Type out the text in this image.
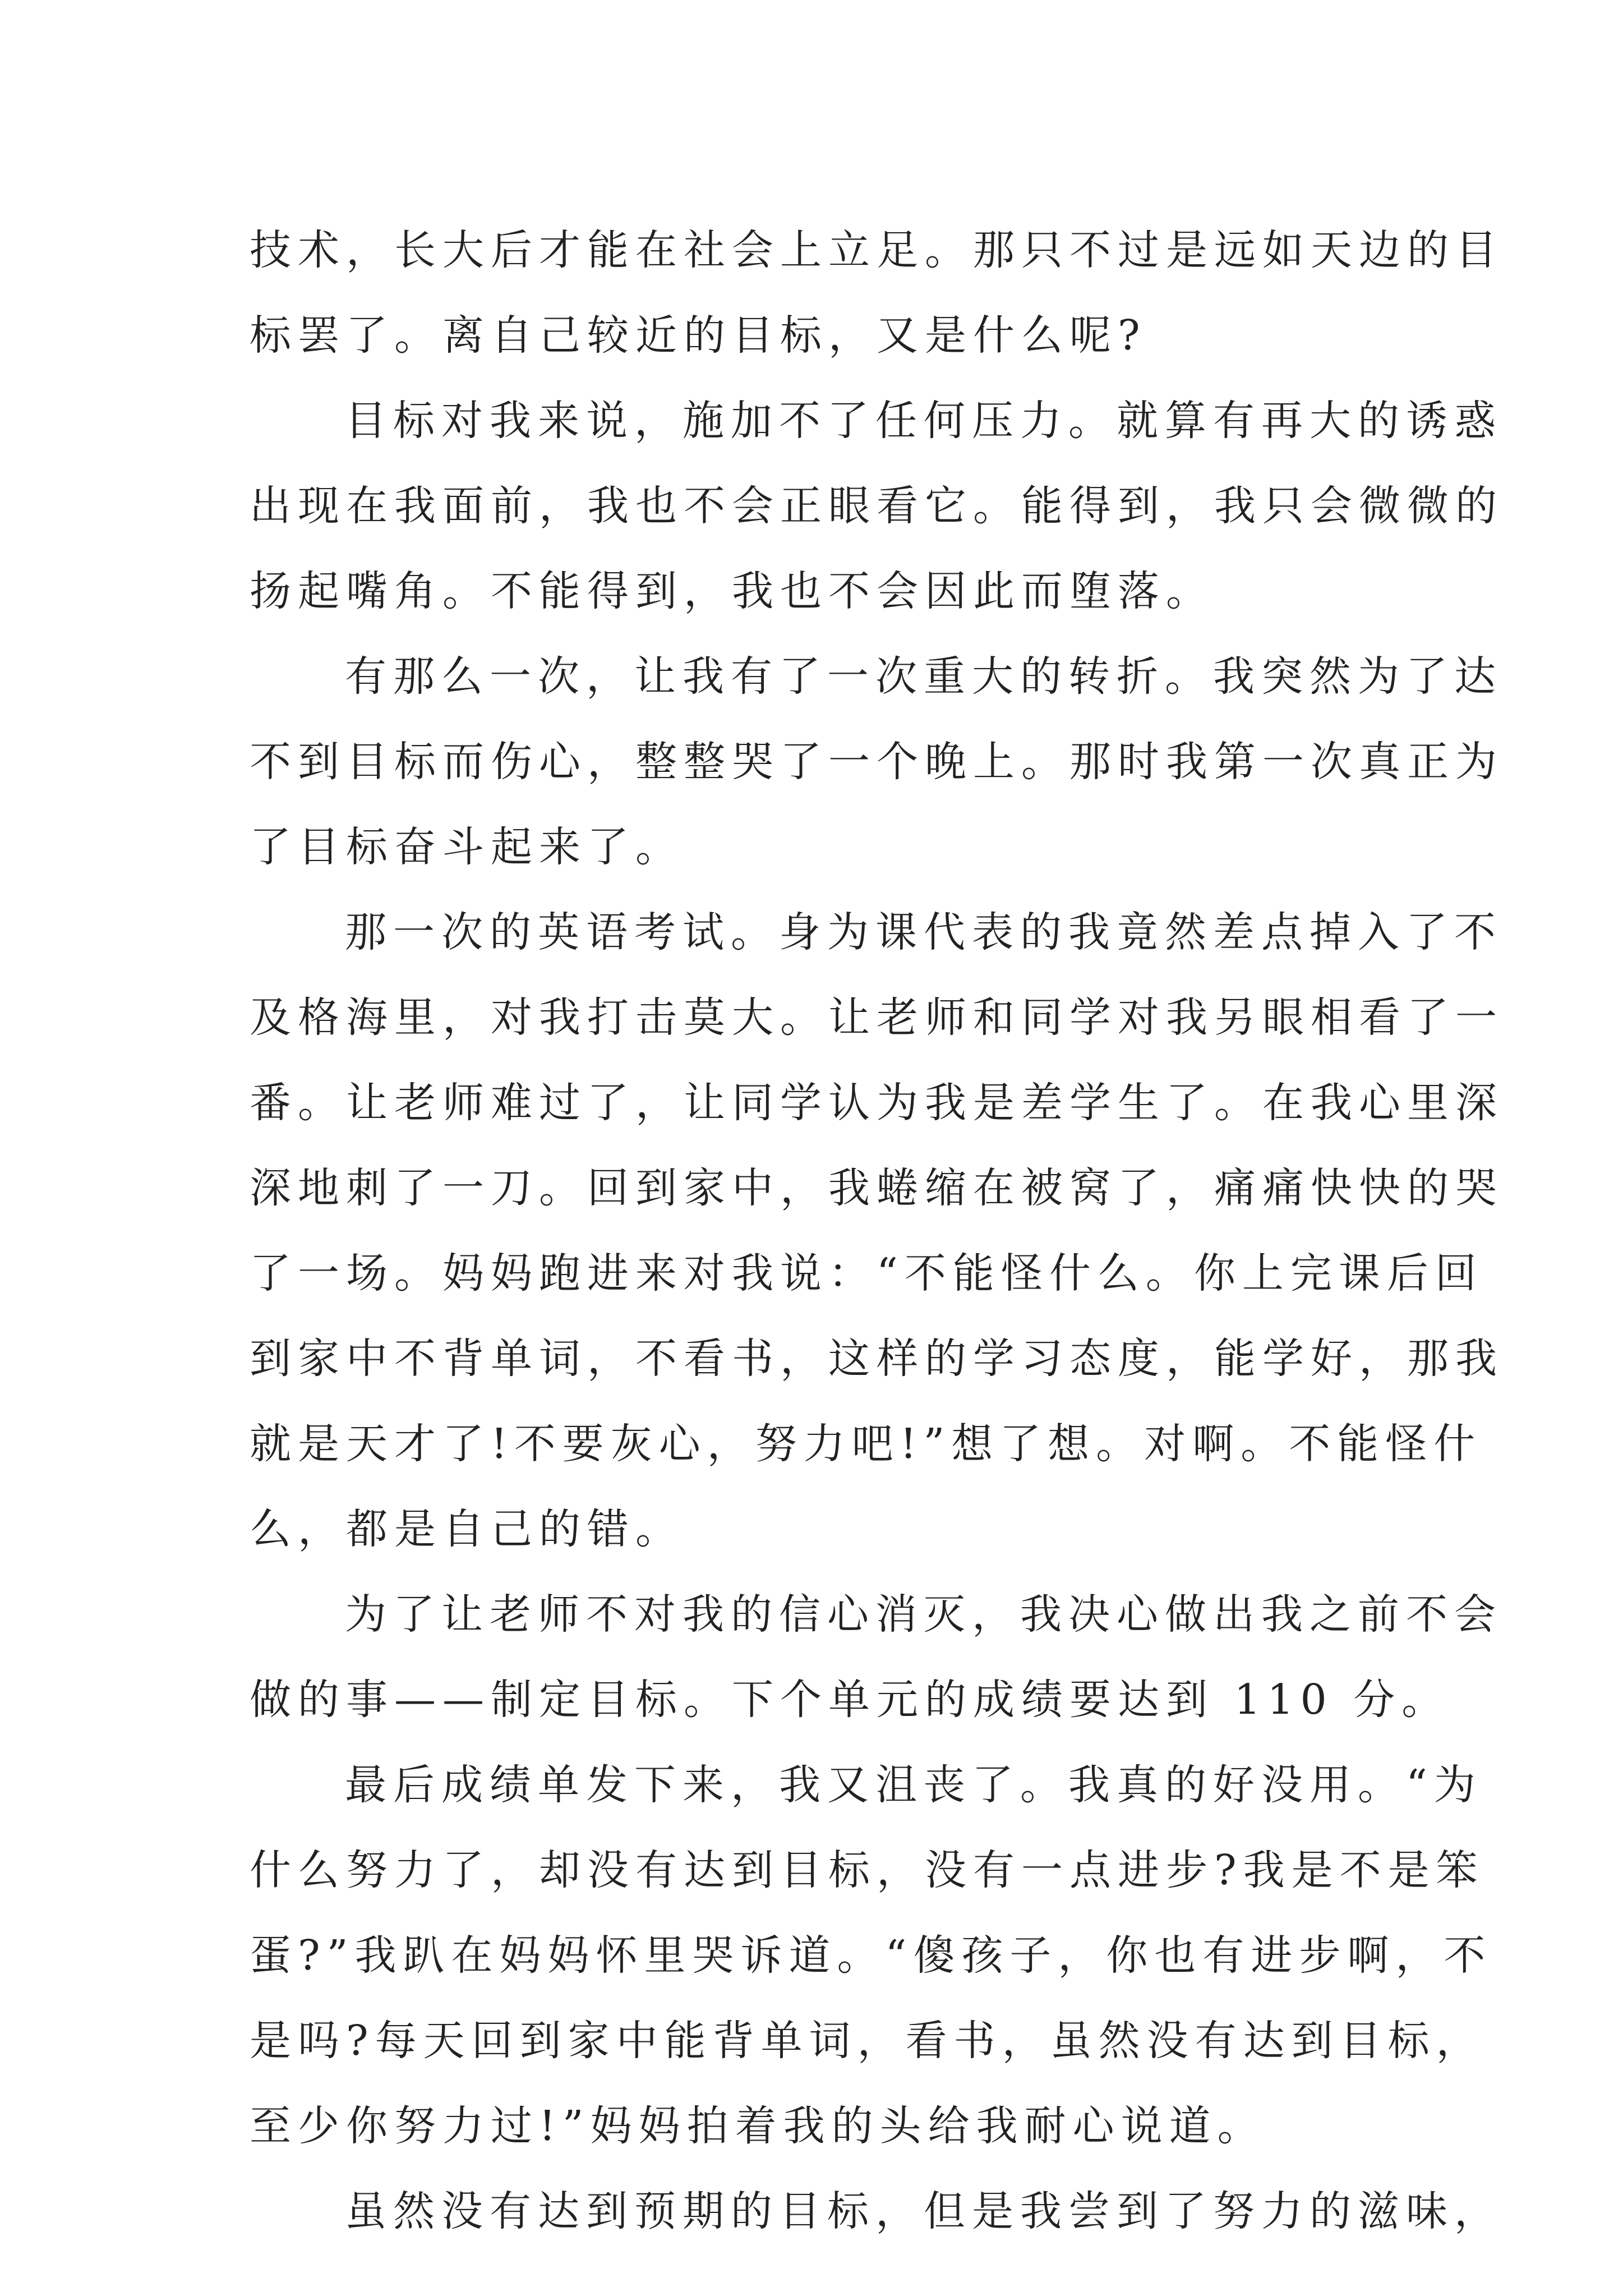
技术，长大后才能在社会上立足。那只不过是远如天边的目
标罢了。离自己较近的目标，又是什么呢?
目标对我来说，施加不了任何压力。就算有再大的诱惑
出现在我面前，我也不会正眼看它。能得到，我只会微微的
扬起嘴角。不能得到，我也不会因此而堕落。
有那么一次，让我有了一次重大的转折。我突然为了达
不到目标而伤心，整整哭了一个晚上。那时我第一次真正为
了目标奋斗起来了。
那一次的英语考试。身为课代表的我竟然差点掉入了不
及格海里，对我打击莫大。让老师和同学对我另眼相看了一
番。让老师难过了，让同学认为我是差学生了。在我心里深
深地刺了一刀。回到家中，我蜷缩在被窝了，痛痛快快的哭
了一场。妈妈跑进来对我说：“不能怪什么。你上完课后回
到家中不背单词，不看书，这样的学习态度，能学好，那我
就是天才了!不要灰心，努力吧!”想了想。对啊。不能怪什
么，都是自己的错。
为了让老师不对我的信心消灭，我决心做出我之前不会
做的事——制定目标。下个单元的成绩要达到 110 分。
最后成绩单发下来，我又沮丧了。我真的好没用。“为
什么努力了，却没有达到目标，没有一点进步?我是不是笨
蛋?”我趴在妈妈怀里哭诉道。“傻孩子，你也有进步啊，不
是吗?每天回到家中能背单词，看书，虽然没有达到目标，
至少你努力过!”妈妈拍着我的头给我耐心说道。
虽然没有达到预期的目标，但是我尝到了努力的滋味，
